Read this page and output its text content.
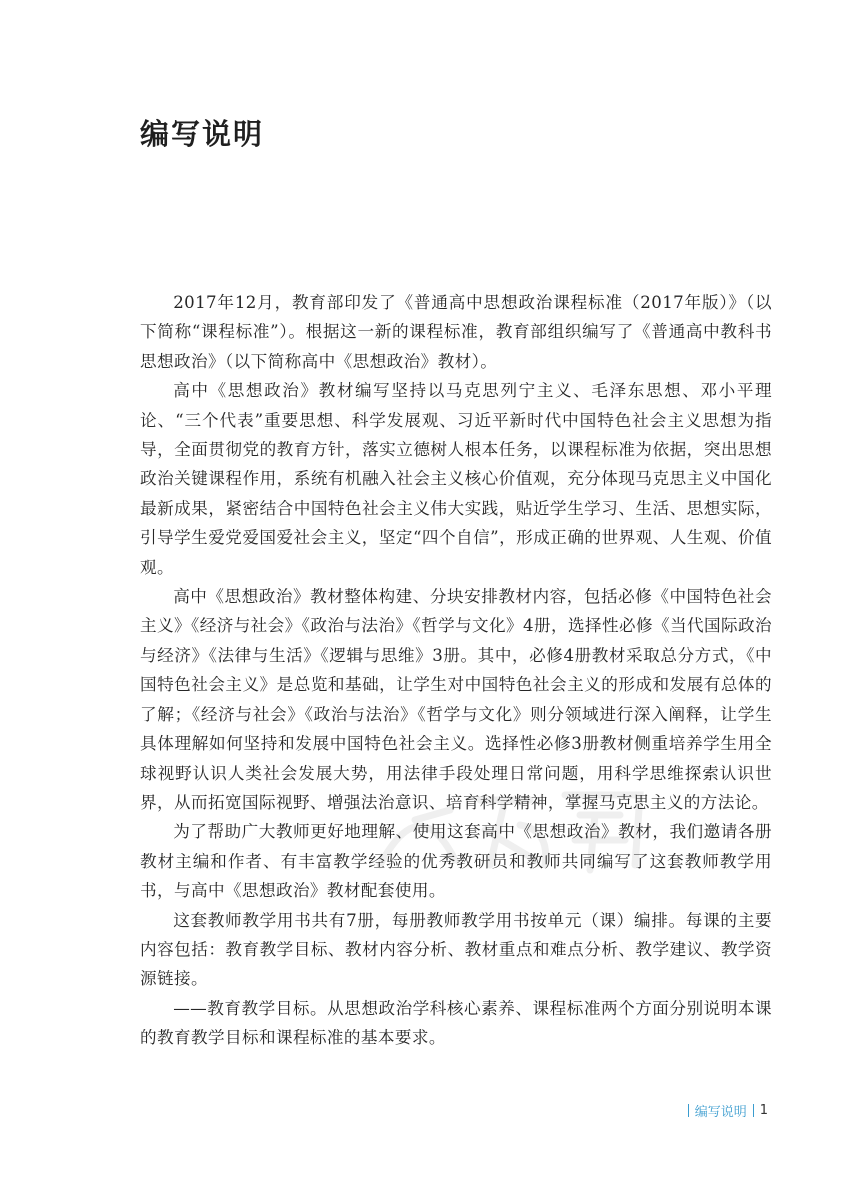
编写说明

2017年12月，教育部印发了《普通高中思想政治课程标准（2017年版）》（以下简称“课程标准”）。根据这一新的课程标准，教育部组织编写了《普通高中教科书　思想政治》（以下简称高中《思想政治》教材）。

高中《思想政治》教材编写坚持以马克思列宁主义、毛泽东思想、邓小平理论、“三个代表”重要思想、科学发展观、习近平新时代中国特色社会主义思想为指导，全面贯彻党的教育方针，落实立德树人根本任务，以课程标准为依据，突出思想政治关键课程作用，系统有机融入社会主义核心价值观，充分体现马克思主义中国化最新成果，紧密结合中国特色社会主义伟大实践，贴近学生学习、生活、思想实际，引导学生爱党爱国爱社会主义，坚定“四个自信”，形成正确的世界观、人生观、价值观。

高中《思想政治》教材整体构建、分块安排教材内容，包括必修《中国特色社会主义》《经济与社会》《政治与法治》《哲学与文化》4册，选择性必修《当代国际政治与经济》《法律与生活》《逻辑与思维》3册。其中，必修4册教材采取总分方式，《中国特色社会主义》是总览和基础，让学生对中国特色社会主义的形成和发展有总体的了解；《经济与社会》《政治与法治》《哲学与文化》则分领域进行深入阐释，让学生具体理解如何坚持和发展中国特色社会主义。选择性必修3册教材侧重培养学生用全球视野认识人类社会发展大势，用法律手段处理日常问题，用科学思维探索认识世界，从而拓宽国际视野、增强法治意识、培育科学精神，掌握马克思主义的方法论。

为了帮助广大教师更好地理解、使用这套高中《思想政治》教材，我们邀请各册教材主编和作者、有丰富教学经验的优秀教研员和教师共同编写了这套教师教学用书，与高中《思想政治》教材配套使用。

这套教师教学用书共有7册，每册教师教学用书按单元（课）编排。每课的主要内容包括：教育教学目标、教材内容分析、教材重点和难点分析、教学建议、教学资源链接。

——教育教学目标。从思想政治学科核心素养、课程标准两个方面分别说明本课的教育教学目标和课程标准的基本要求。

编写说明 1
